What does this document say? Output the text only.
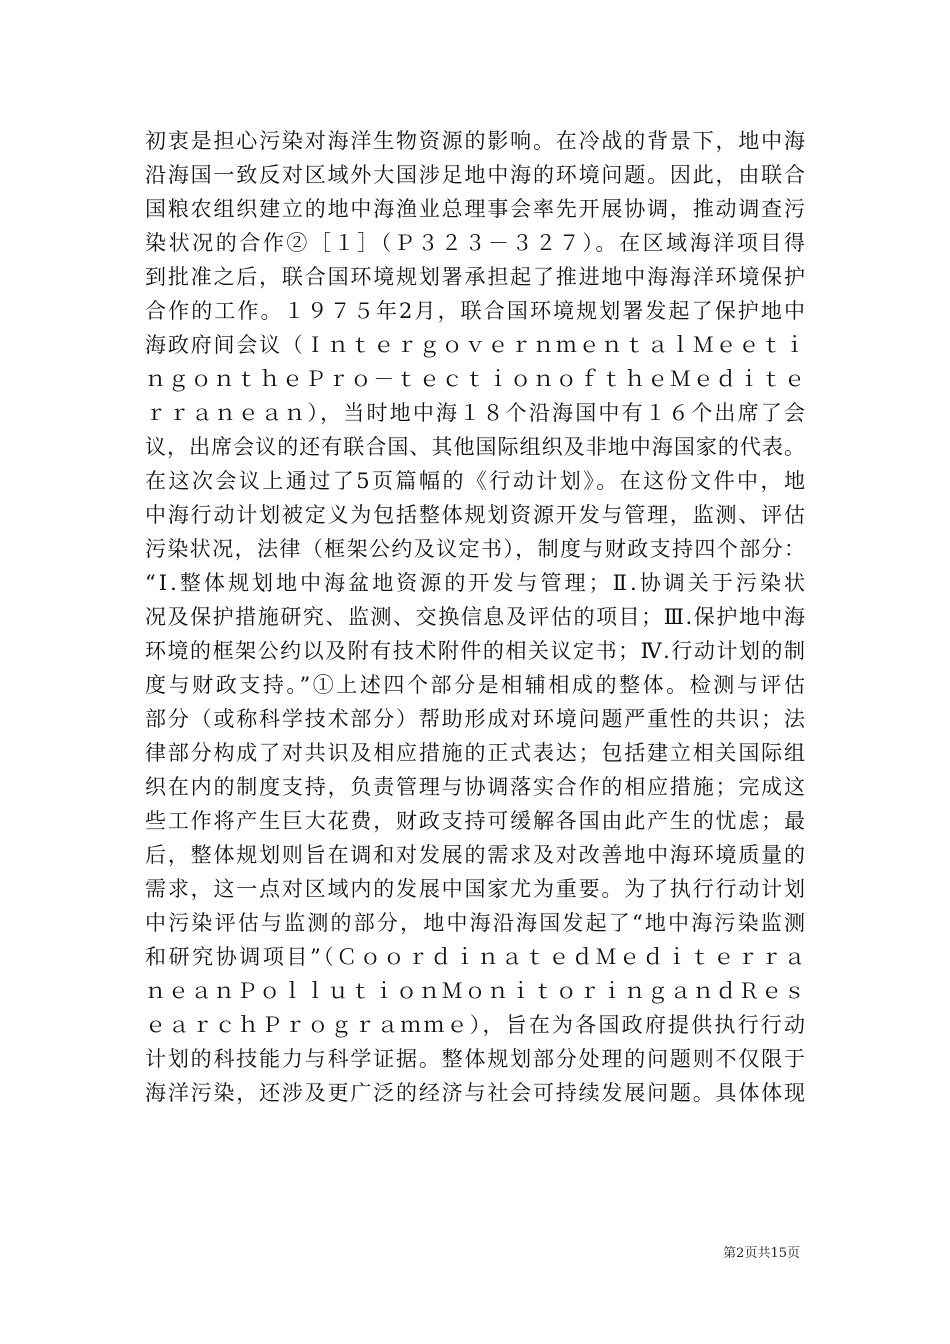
初衷是担心污染对海洋生物资源的影响。在冷战的背景下，地中海
沿海国一致反对区域外大国涉足地中海的环境问题。因此，由联合
国粮农组织建立的地中海渔业总理事会率先开展协调，推动调查污
染状况的合作②［１］（Ｐ３２３－３２７）。在区域海洋项目得
到批准之后，联合国环境规划署承担起了推进地中海海洋环境保护
合作的工作。１９７５年2月，联合国环境规划署发起了保护地中
海政府间会议（ＩｎｔｅｒｇｏｖｅｒｎｍｅｎｔａｌＭｅｅｔｉ
ｎｇｏｎｔｈｅＰｒｏ－ｔｅｃｔｉｏｎｏｆｔｈｅＭｅｄｉｔｅ
ｒｒａｎｅａｎ），当时地中海１８个沿海国中有１６个出席了会
议，出席会议的还有联合国、其他国际组织及非地中海国家的代表。
在这次会议上通过了5页篇幅的《行动计划》。在这份文件中，地
中海行动计划被定义为包括整体规划资源开发与管理，监测、评估
污染状况，法律（框架公约及议定书），制度与财政支持四个部分：
“Ⅰ.整体规划地中海盆地资源的开发与管理；Ⅱ.协调关于污染状
况及保护措施研究、监测、交换信息及评估的项目；Ⅲ.保护地中海
环境的框架公约以及附有技术附件的相关议定书；Ⅳ.行动计划的制
度与财政支持。”①上述四个部分是相辅相成的整体。检测与评估
部分（或称科学技术部分）帮助形成对环境问题严重性的共识；法
律部分构成了对共识及相应措施的正式表达；包括建立相关国际组
织在内的制度支持，负责管理与协调落实合作的相应措施；完成这
些工作将产生巨大花费，财政支持可缓解各国由此产生的忧虑；最
后，整体规划则旨在调和对发展的需求及对改善地中海环境质量的
需求，这一点对区域内的发展中国家尤为重要。为了执行行动计划
中污染评估与监测的部分，地中海沿海国发起了“地中海污染监测
和研究协调项目”（ＣｏｏｒｄｉｎａｔｅｄＭｅｄｉｔｅｒｒａ
ｎｅａｎＰｏｌｌｕｔｉｏｎＭｏｎｉｔｏｒｉｎｇａｎｄＲｅｓ
ｅａｒｃｈＰｒｏｇｒａｍｍｅ），旨在为各国政府提供执行行动
计划的科技能力与科学证据。整体规划部分处理的问题则不仅限于
海洋污染，还涉及更广泛的经济与社会可持续发展问题。具体体现
第2页共15页
